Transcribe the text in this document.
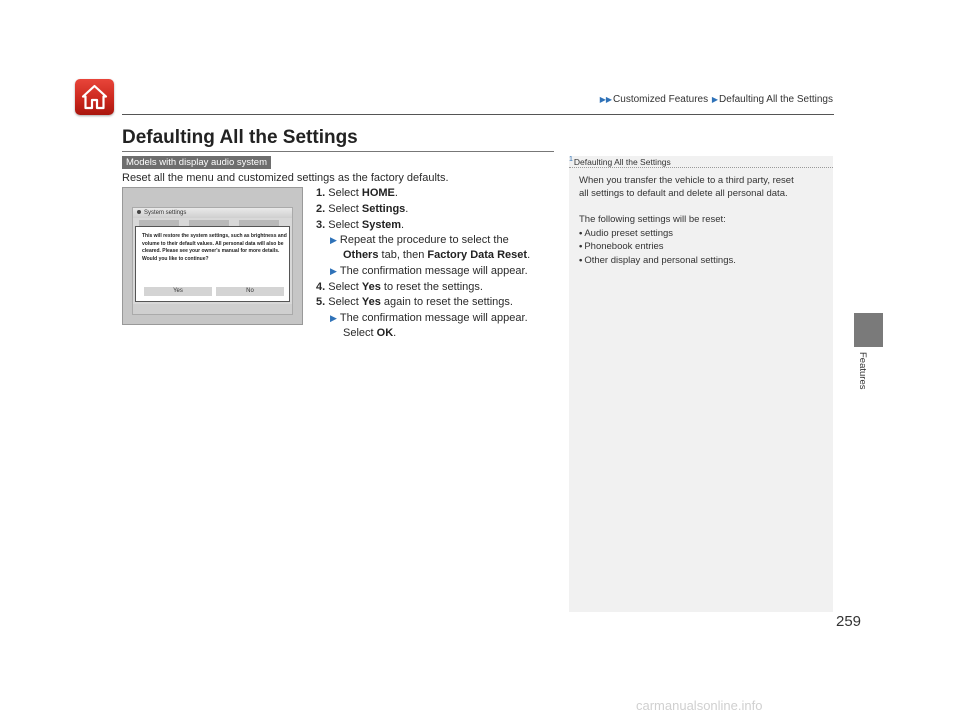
▶▶Customized Features ▶Defaulting All the Settings
Defaulting All the Settings
Models with display audio system
Reset all the menu and customized settings as the factory defaults.
System settings
This will restore the system settings, such as brightness and volume to their default values. All personal data will also be cleared. Please see your owner's manual for more details. Would you like to continue?
Yes	No
1. Select HOME.
2. Select Settings.
3. Select System.
▶ Repeat the procedure to select the
Others tab, then Factory Data Reset.
▶ The confirmation message will appear.
4. Select Yes to reset the settings.
5. Select Yes again to reset the settings.
▶ The confirmation message will appear.
Select OK.
$^1$Defaulting All the Settings
When you transfer the vehicle to a third party, reset
all settings to default and delete all personal data.
The following settings will be reset:
• Audio preset settings
• Phonebook entries
• Other display and personal settings.
Features
259
carmanualsonline.info
